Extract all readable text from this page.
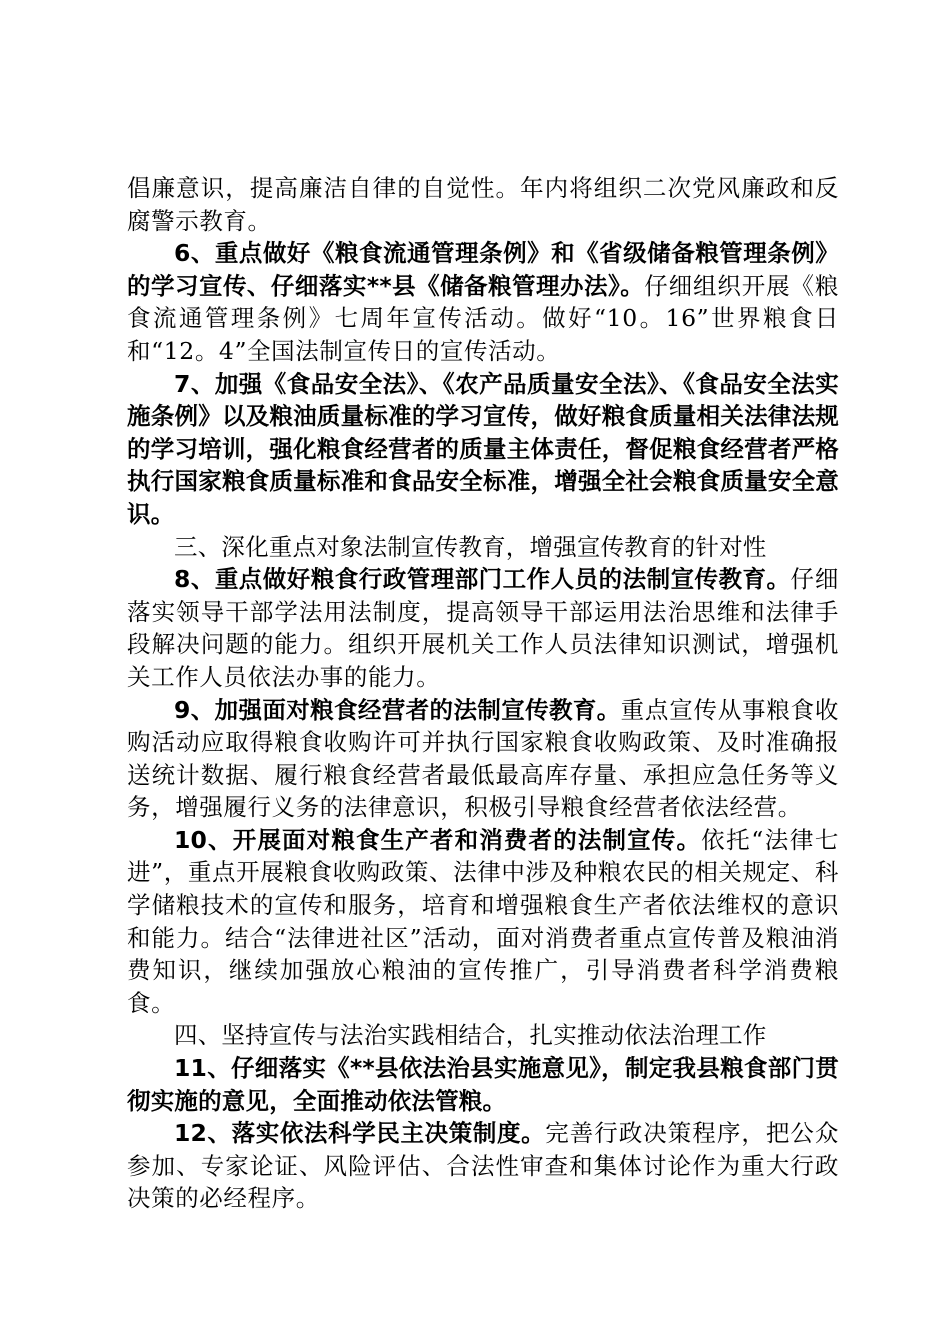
倡廉意识，提高廉洁自律的自觉性。年内将组织二次党风廉政和反腐警示教育。

6、重点做好《粮食流通管理条例》和《省级储备粮管理条例》的学习宣传、仔细落实**县《储备粮管理办法》。仔细组织开展《粮食流通管理条例》七周年宣传活动。做好“10。16”世界粮食日和“12。4”全国法制宣传日的宣传活动。

7、加强《食品安全法》、《农产品质量安全法》、《食品安全法实施条例》以及粮油质量标准的学习宣传，做好粮食质量相关法律法规的学习培训，强化粮食经营者的质量主体责任，督促粮食经营者严格执行国家粮食质量标准和食品安全标准，增强全社会粮食质量安全意识。

三、深化重点对象法制宣传教育，增强宣传教育的针对性

8、重点做好粮食行政管理部门工作人员的法制宣传教育。仔细落实领导干部学法用法制度，提高领导干部运用法治思维和法律手段解决问题的能力。组织开展机关工作人员法律知识测试，增强机关工作人员依法办事的能力。

9、加强面对粮食经营者的法制宣传教育。重点宣传从事粮食收购活动应取得粮食收购许可并执行国家粮食收购政策、及时准确报送统计数据、履行粮食经营者最低最高库存量、承担应急任务等义务，增强履行义务的法律意识，积极引导粮食经营者依法经营。

10、开展面对粮食生产者和消费者的法制宣传。依托“法律七进”，重点开展粮食收购政策、法律中涉及种粮农民的相关规定、科学储粮技术的宣传和服务，培育和增强粮食生产者依法维权的意识和能力。结合“法律进社区”活动，面对消费者重点宣传普及粮油消费知识，继续加强放心粮油的宣传推广，引导消费者科学消费粮食。

四、坚持宣传与法治实践相结合，扎实推动依法治理工作

11、仔细落实《**县依法治县实施意见》，制定我县粮食部门贯彻实施的意见，全面推动依法管粮。

12、落实依法科学民主决策制度。完善行政决策程序，把公众参加、专家论证、风险评估、合法性审查和集体讨论作为重大行政决策的必经程序。
